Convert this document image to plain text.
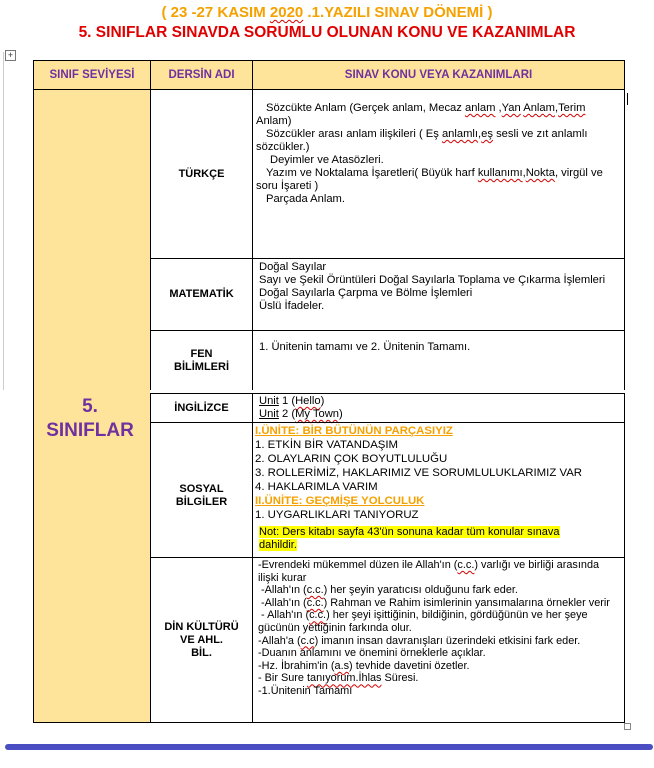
( 23 -27 KASIM 2020 .1.YAZILI SINAV DÖNEMİ )
5. SINIFLAR SINAVDA SORUMLU OLUNAN KONU VE KAZANIMLAR
+
SINIF SEVİYESİ	DERSİN ADI	SINAV KONU VEYA KAZANIMLARI
5.
SINIFLAR
TÜRKÇE
Sözcükte Anlam (Gerçek anlam, Mecaz anlam ,Yan Anlam,Terim Anlam)
Sözcükler arası anlam ilişkileri ( Eş anlamlı,eş sesli ve zıt anlamlı sözcükler.)
Deyimler ve Atasözleri.
Yazım ve Noktalama İşaretleri( Büyük harf kullanımı,Nokta, virgül ve soru İşareti )
Parçada Anlam.
MATEMATİK
Doğal Sayılar
Sayı ve Şekil Örüntüleri Doğal Sayılarla Toplama ve Çıkarma İşlemleri
Doğal Sayılarla Çarpma ve Bölme İşlemleri
Üslü İfadeler.
FEN
BİLİMLERİ
1. Ünitenin tamamı ve 2. Ünitenin Tamamı.
İNGİLİZCE
Unit 1 (Hello)
Unit 2 (My Town)
SOSYAL
BİLGİLER
I.ÜNİTE: BİR BÜTÜNÜN PARÇASIYIZ
1. ETKİN BİR VATANDAŞIM
2. OLAYLARIN ÇOK BOYUTLULUĞU
3. ROLLERİMİZ, HAKLARIMIZ VE SORUMLULUKLARIMIZ VAR
4. HAKLARIMLA VARIM
II.ÜNİTE: GEÇMİŞE YOLCULUK
1. UYGARLIKLARI TANIYORUZ
Not: Ders kitabı sayfa 43'ün sonuna kadar tüm konular sınava dahildir.
DİN KÜLTÜRÜ
VE AHL.
BİL.
-Evrendeki mükemmel düzen ile Allah'ın (c.c.) varlığı ve birliği arasında ilişki kurar
-Allah'ın (c.c.) her şeyin yaratıcısı olduğunu fark eder.
-Allah'ın (c.c.) Rahman ve Rahim isimlerinin yansımalarına örnekler verir
- Allah'ın (c.c.) her şeyi işittiğinin, bildiğinin, gördüğünün ve her şeye gücünün yettiğinin farkında olur.
-Allah'a (c.c) imanın insan davranışları üzerindeki etkisini fark eder.
-Duanın anlamını ve önemini örneklerle açıklar.
-Hz. İbrahim'in (a.s) tevhide davetini özetler.
- Bir Sure tanıyorum.İhlas Süresi.
-1.Ünitenin Tamamı
